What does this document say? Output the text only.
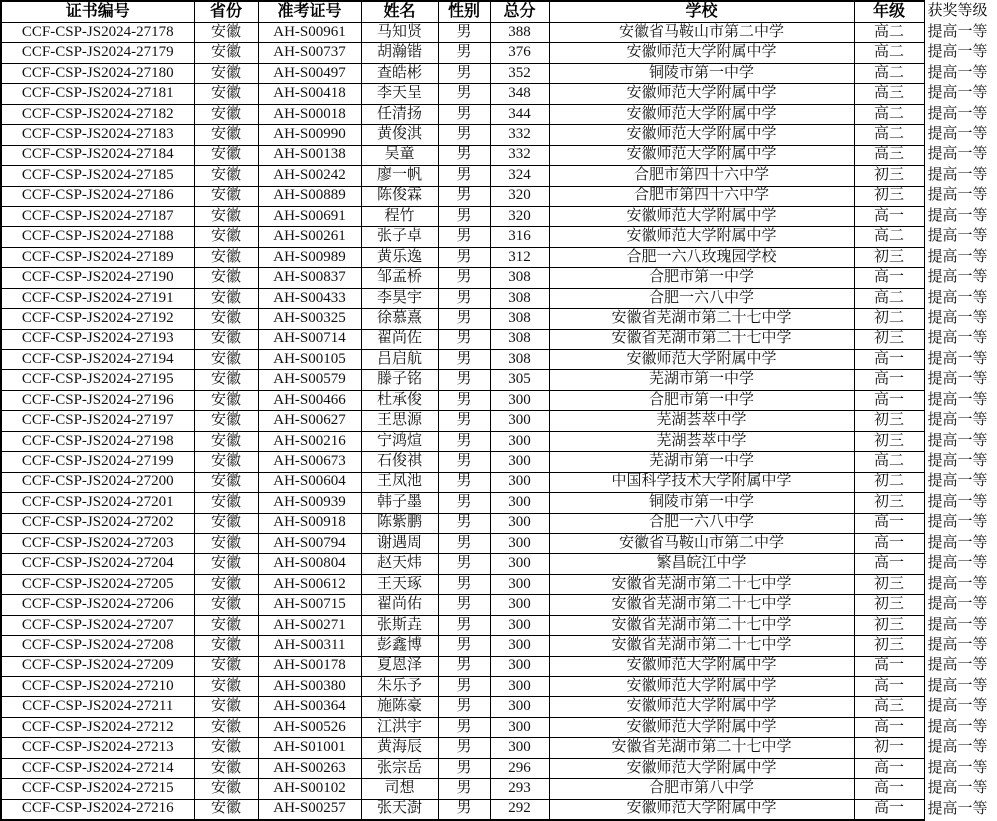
证书编号	省份	准考证号	姓名	性别	总分	学校	年级	获奖等级
CCF-CSP-JS2024-27178	安徽	AH-S00961	马知贤	男	388	安徽省马鞍山市第二中学	高二	提高一等
CCF-CSP-JS2024-27179	安徽	AH-S00737	胡瀚锴	男	376	安徽师范大学附属中学	高二	提高一等
CCF-CSP-JS2024-27180	安徽	AH-S00497	查皓彬	男	352	铜陵市第一中学	高二	提高一等
CCF-CSP-JS2024-27181	安徽	AH-S00418	李天呈	男	348	安徽师范大学附属中学	高三	提高一等
CCF-CSP-JS2024-27182	安徽	AH-S00018	任清扬	男	344	安徽师范大学附属中学	高二	提高一等
CCF-CSP-JS2024-27183	安徽	AH-S00990	黄俊淇	男	332	安徽师范大学附属中学	高二	提高一等
CCF-CSP-JS2024-27184	安徽	AH-S00138	吴童	男	332	安徽师范大学附属中学	高三	提高一等
CCF-CSP-JS2024-27185	安徽	AH-S00242	廖一帆	男	324	合肥市第四十六中学	初三	提高一等
CCF-CSP-JS2024-27186	安徽	AH-S00889	陈俊霖	男	320	合肥市第四十六中学	初三	提高一等
CCF-CSP-JS2024-27187	安徽	AH-S00691	程竹	男	320	安徽师范大学附属中学	高一	提高一等
CCF-CSP-JS2024-27188	安徽	AH-S00261	张子卓	男	316	安徽师范大学附属中学	高二	提高一等
CCF-CSP-JS2024-27189	安徽	AH-S00989	黄乐逸	男	312	合肥一六八玫瑰园学校	初三	提高一等
CCF-CSP-JS2024-27190	安徽	AH-S00837	邹孟桥	男	308	合肥市第一中学	高一	提高一等
CCF-CSP-JS2024-27191	安徽	AH-S00433	李昊宇	男	308	合肥一六八中学	高二	提高一等
CCF-CSP-JS2024-27192	安徽	AH-S00325	徐慕熹	男	308	安徽省芜湖市第二十七中学	初二	提高一等
CCF-CSP-JS2024-27193	安徽	AH-S00714	翟尚佐	男	308	安徽省芜湖市第二十七中学	初三	提高一等
CCF-CSP-JS2024-27194	安徽	AH-S00105	吕启航	男	308	安徽师范大学附属中学	高一	提高一等
CCF-CSP-JS2024-27195	安徽	AH-S00579	滕子铭	男	305	芜湖市第一中学	高一	提高一等
CCF-CSP-JS2024-27196	安徽	AH-S00466	杜承俊	男	300	合肥市第一中学	高一	提高一等
CCF-CSP-JS2024-27197	安徽	AH-S00627	王思源	男	300	芜湖荟萃中学	初三	提高一等
CCF-CSP-JS2024-27198	安徽	AH-S00216	宁鸿煊	男	300	芜湖荟萃中学	初三	提高一等
CCF-CSP-JS2024-27199	安徽	AH-S00673	石俊祺	男	300	芜湖市第一中学	高二	提高一等
CCF-CSP-JS2024-27200	安徽	AH-S00604	王凤池	男	300	中国科学技术大学附属中学	初二	提高一等
CCF-CSP-JS2024-27201	安徽	AH-S00939	韩子墨	男	300	铜陵市第一中学	初三	提高一等
CCF-CSP-JS2024-27202	安徽	AH-S00918	陈紫鹏	男	300	合肥一六八中学	高一	提高一等
CCF-CSP-JS2024-27203	安徽	AH-S00794	谢遇周	男	300	安徽省马鞍山市第二中学	高一	提高一等
CCF-CSP-JS2024-27204	安徽	AH-S00804	赵天炜	男	300	繁昌皖江中学	高一	提高一等
CCF-CSP-JS2024-27205	安徽	AH-S00612	王天琢	男	300	安徽省芜湖市第二十七中学	初三	提高一等
CCF-CSP-JS2024-27206	安徽	AH-S00715	翟尚佑	男	300	安徽省芜湖市第二十七中学	初三	提高一等
CCF-CSP-JS2024-27207	安徽	AH-S00271	张斯垚	男	300	安徽省芜湖市第二十七中学	初三	提高一等
CCF-CSP-JS2024-27208	安徽	AH-S00311	彭鑫博	男	300	安徽省芜湖市第二十七中学	初三	提高一等
CCF-CSP-JS2024-27209	安徽	AH-S00178	夏恩泽	男	300	安徽师范大学附属中学	高一	提高一等
CCF-CSP-JS2024-27210	安徽	AH-S00380	朱乐予	男	300	安徽师范大学附属中学	高一	提高一等
CCF-CSP-JS2024-27211	安徽	AH-S00364	施陈豪	男	300	安徽师范大学附属中学	高三	提高一等
CCF-CSP-JS2024-27212	安徽	AH-S00526	江洪宇	男	300	安徽师范大学附属中学	高一	提高一等
CCF-CSP-JS2024-27213	安徽	AH-S01001	黄海辰	男	300	安徽省芜湖市第二十七中学	初一	提高一等
CCF-CSP-JS2024-27214	安徽	AH-S00263	张宗岳	男	296	安徽师范大学附属中学	高一	提高一等
CCF-CSP-JS2024-27215	安徽	AH-S00102	司想	男	293	合肥市第八中学	高一	提高一等
CCF-CSP-JS2024-27216	安徽	AH-S00257	张天澍	男	292	安徽师范大学附属中学	高一	提高一等
